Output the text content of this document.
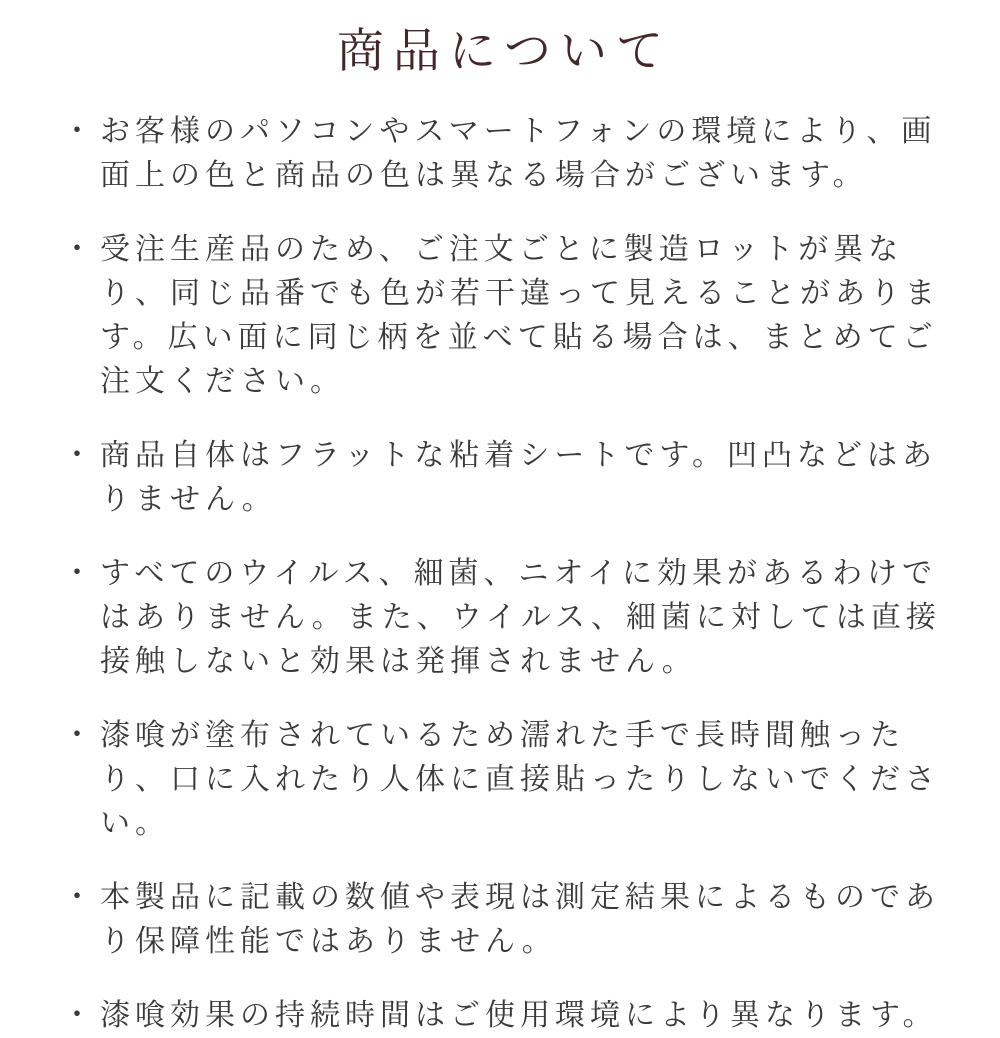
商品について
・ お客様のパソコンやスマートフォンの環境により、画面上の色と商品の色は異なる場合がございます。
・ 受注生産品のため、ご注文ごとに製造ロットが異なり、同じ品番でも色が若干違って見えることがあります。広い面に同じ柄を並べて貼る場合は、まとめてご注文ください。
・ 商品自体はフラットな粘着シートです。凹凸などはありません。
・ すべてのウイルス、細菌、ニオイに効果があるわけではありません。また、ウイルス、細菌に対しては直接接触しないと効果は発揮されません。
・ 漆喰が塗布されているため濡れた手で長時間触ったり、口に入れたり人体に直接貼ったりしないでください。
・ 本製品に記載の数値や表現は測定結果によるものであり保障性能ではありません。
・ 漆喰効果の持続時間はご使用環境により異なります。
